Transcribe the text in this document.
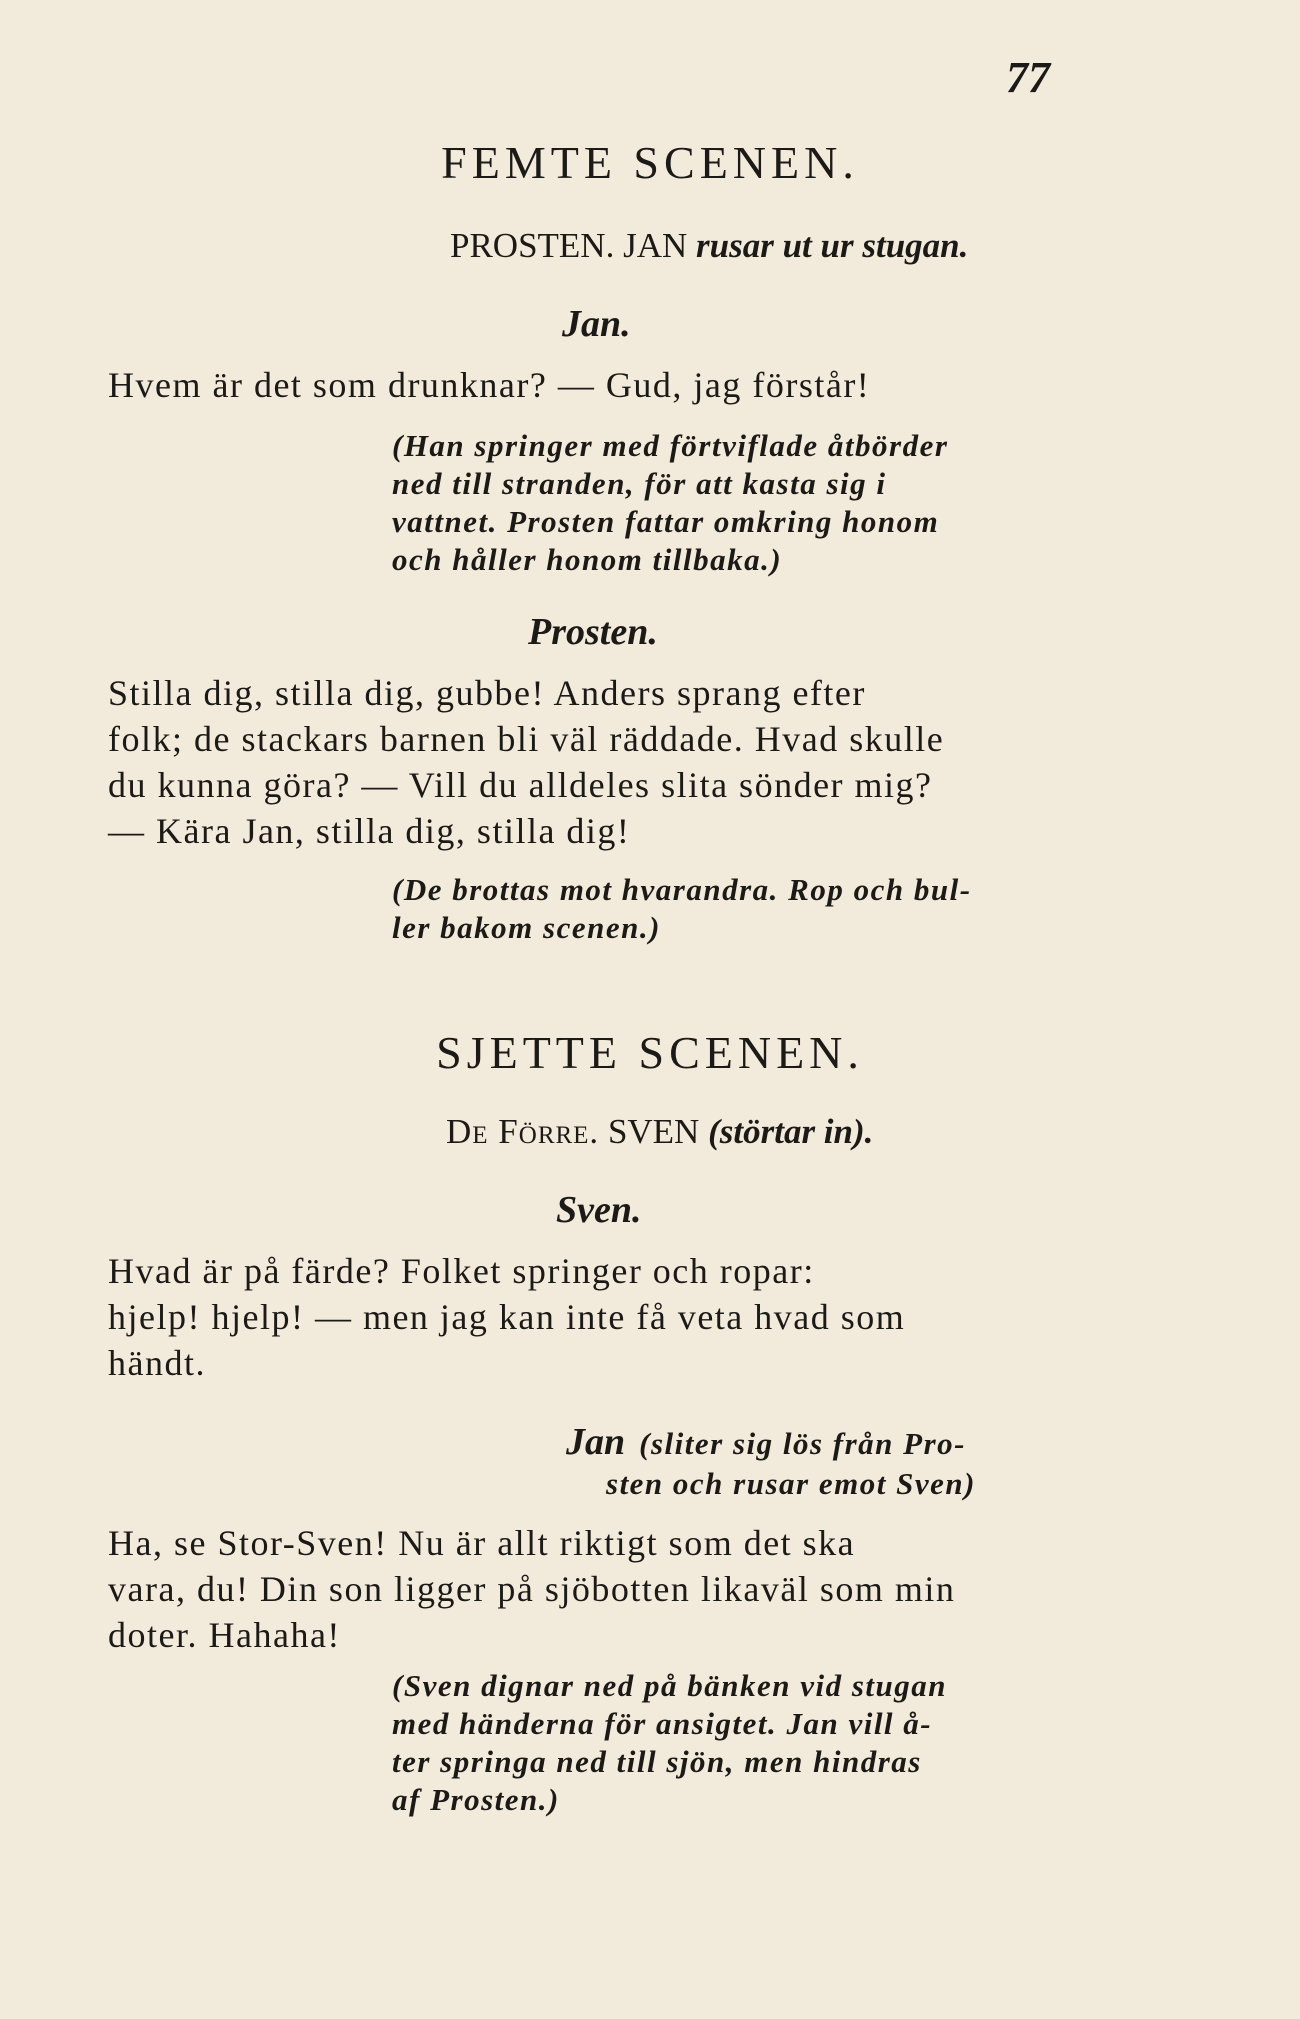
77
FEMTE SCENEN.
PROSTEN. JAN rusar ut ur stugan.
Jan.
Hvem är det som drunknar? — Gud, jag förstår!
(Han springer med förtviflade åtbörder
ned till stranden, för att kasta sig i
vattnet. Prosten fattar omkring honom
och håller honom tillbaka.)
Prosten.
Stilla dig, stilla dig, gubbe! Anders sprang efter
folk; de stackars barnen bli väl räddade. Hvad skulle
du kunna göra? — Vill du alldeles slita sönder mig?
— Kära Jan, stilla dig, stilla dig!
(De brottas mot hvarandra. Rop och bul-
ler bakom scenen.)
SJETTE SCENEN.
De Förre. SVEN (störtar in).
Sven.
Hvad är på färde? Folket springer och ropar:
hjelp! hjelp! — men jag kan inte få veta hvad som
händt.
Jan (sliter sig lös från Pro-
sten och rusar emot Sven)
Ha, se Stor-Sven! Nu är allt riktigt som det ska
vara, du! Din son ligger på sjöbotten likaväl som min
doter. Hahaha!
(Sven dignar ned på bänken vid stugan
med händerna för ansigtet. Jan vill å-
ter springa ned till sjön, men hindras
af Prosten.)
